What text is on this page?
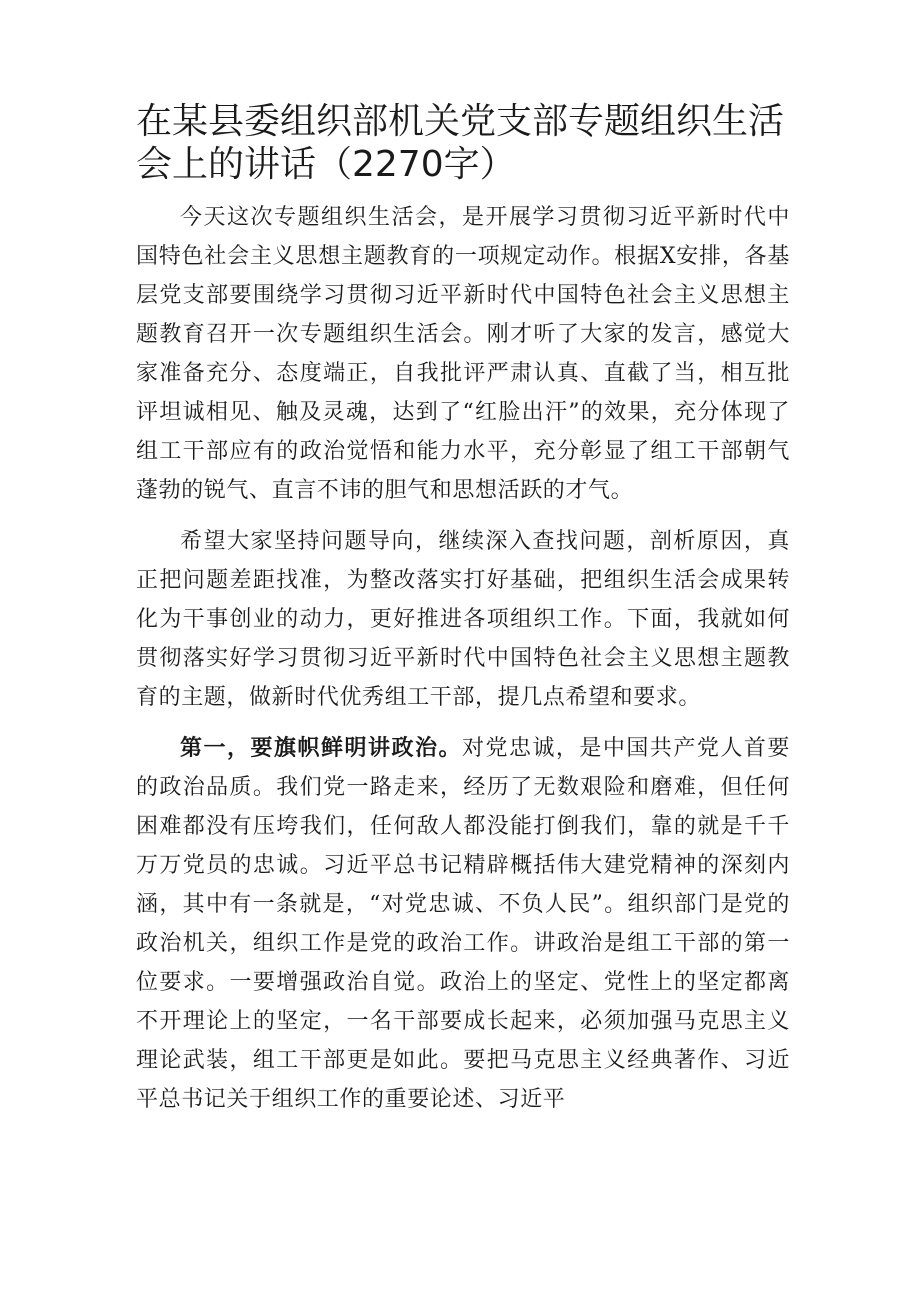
在某县委组织部机关党支部专题组织生活会上的讲话（2270字）

今天这次专题组织生活会，是开展学习贯彻习近平新时代中国特色社会主义思想主题教育的一项规定动作。根据X安排，各基层党支部要围绕学习贯彻习近平新时代中国特色社会主义思想主题教育召开一次专题组织生活会。刚才听了大家的发言，感觉大家准备充分、态度端正，自我批评严肃认真、直截了当，相互批评坦诚相见、触及灵魂，达到了“红脸出汗”的效果，充分体现了组工干部应有的政治觉悟和能力水平，充分彰显了组工干部朝气蓬勃的锐气、直言不讳的胆气和思想活跃的才气。

希望大家坚持问题导向，继续深入查找问题，剖析原因，真正把问题差距找准，为整改落实打好基础，把组织生活会成果转化为干事创业的动力，更好推进各项组织工作。下面，我就如何贯彻落实好学习贯彻习近平新时代中国特色社会主义思想主题教育的主题，做新时代优秀组工干部，提几点希望和要求。

第一，要旗帜鲜明讲政治。对党忠诚，是中国共产党人首要的政治品质。我们党一路走来，经历了无数艰险和磨难，但任何困难都没有压垮我们，任何敌人都没能打倒我们，靠的就是千千万万党员的忠诚。习近平总书记精辟概括伟大建党精神的深刻内涵，其中有一条就是，“对党忠诚、不负人民”。组织部门是党的政治机关，组织工作是党的政治工作。讲政治是组工干部的第一位要求。一要增强政治自觉。政治上的坚定、党性上的坚定都离不开理论上的坚定，一名干部要成长起来，必须加强马克思主义理论武装，组工干部更是如此。要把马克思主义经典著作、习近平总书记关于组织工作的重要论述、习近平
